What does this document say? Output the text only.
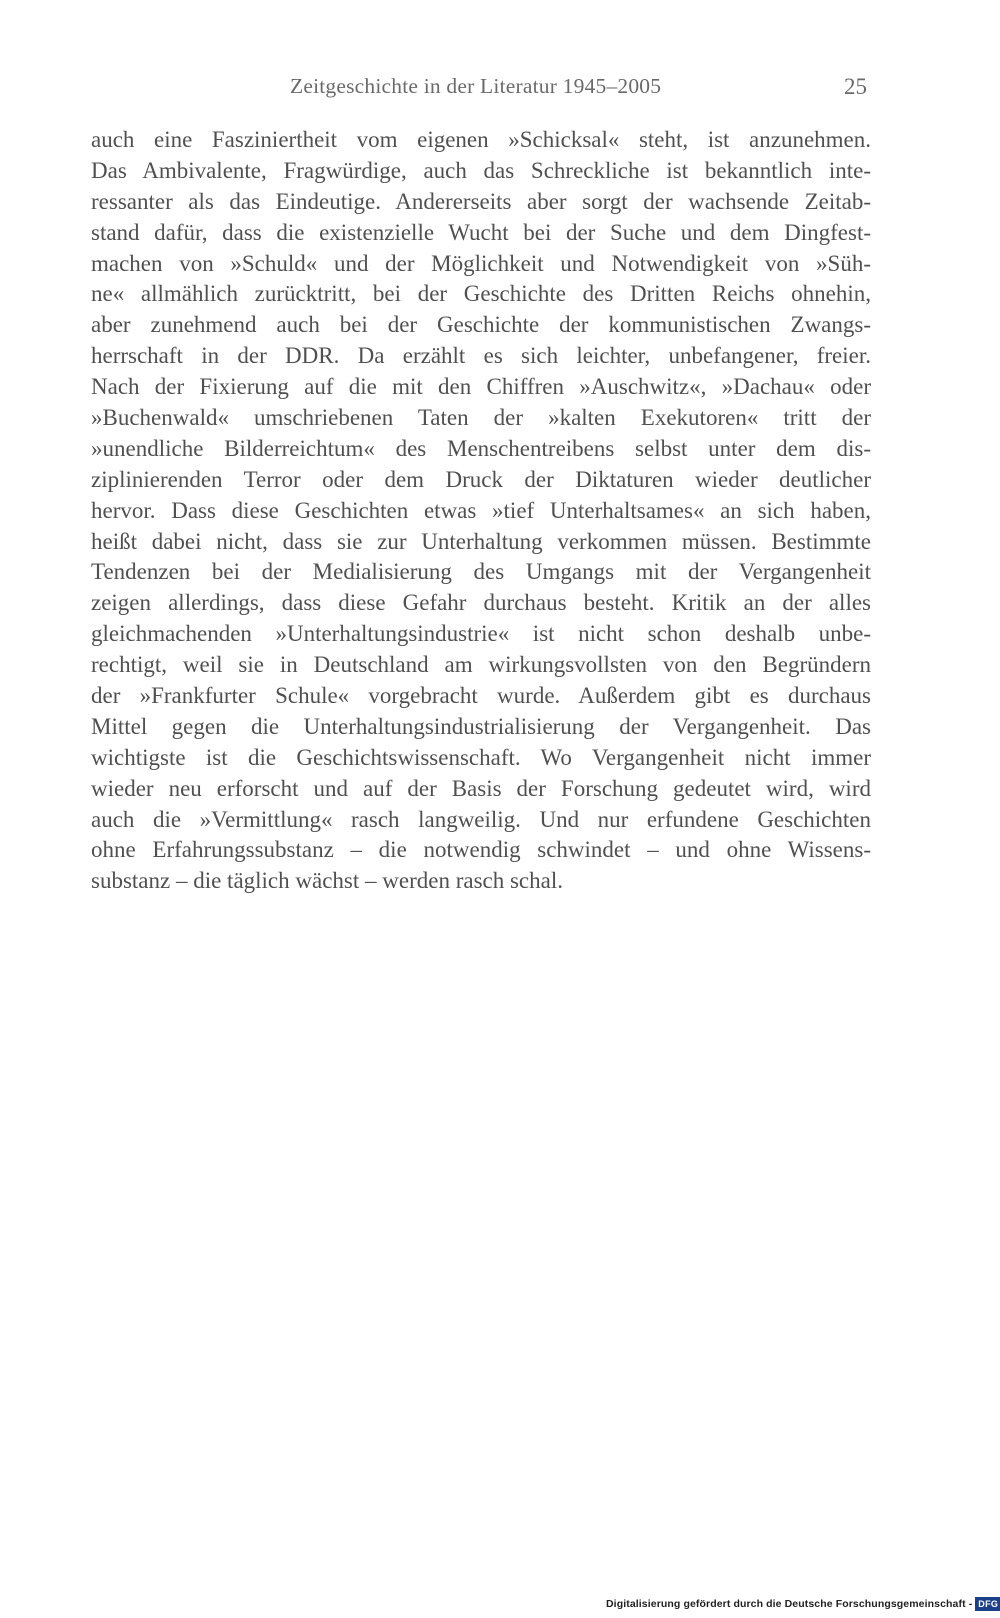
Zeitgeschichte in der Literatur 1945–2005	25
auch eine Fasziniertheit vom eigenen »Schicksal« steht, ist anzunehmen.
Das Ambivalente, Fragwürdige, auch das Schreckliche ist bekanntlich inte-
ressanter als das Eindeutige. Andererseits aber sorgt der wachsende Zeitab-
stand dafür, dass die existenzielle Wucht bei der Suche und dem Dingfest-
machen von »Schuld« und der Möglichkeit und Notwendigkeit von »Süh-
ne« allmählich zurücktritt, bei der Geschichte des Dritten Reichs ohnehin,
aber zunehmend auch bei der Geschichte der kommunistischen Zwangs-
herrschaft in der DDR. Da erzählt es sich leichter, unbefangener, freier.
Nach der Fixierung auf die mit den Chiffren »Auschwitz«, »Dachau« oder
»Buchenwald« umschriebenen Taten der »kalten Exekutoren« tritt der
»unendliche Bilderreichtum« des Menschentreibens selbst unter dem dis-
ziplinierenden Terror oder dem Druck der Diktaturen wieder deutlicher
hervor. Dass diese Geschichten etwas »tief Unterhaltsames« an sich haben,
heißt dabei nicht, dass sie zur Unterhaltung verkommen müssen. Bestimmte
Tendenzen bei der Medialisierung des Umgangs mit der Vergangenheit
zeigen allerdings, dass diese Gefahr durchaus besteht. Kritik an der alles
gleichmachenden »Unterhaltungsindustrie« ist nicht schon deshalb unbe-
rechtigt, weil sie in Deutschland am wirkungsvollsten von den Begründern
der »Frankfurter Schule« vorgebracht wurde. Außerdem gibt es durchaus
Mittel gegen die Unterhaltungsindustrialisierung der Vergangenheit. Das
wichtigste ist die Geschichtswissenschaft. Wo Vergangenheit nicht immer
wieder neu erforscht und auf der Basis der Forschung gedeutet wird, wird
auch die »Vermittlung« rasch langweilig. Und nur erfundene Geschichten
ohne Erfahrungssubstanz – die notwendig schwindet – und ohne Wissens-
substanz – die täglich wächst – werden rasch schal.
Digitalisierung gefördert durch die Deutsche Forschungsgemeinschaft - DFG
